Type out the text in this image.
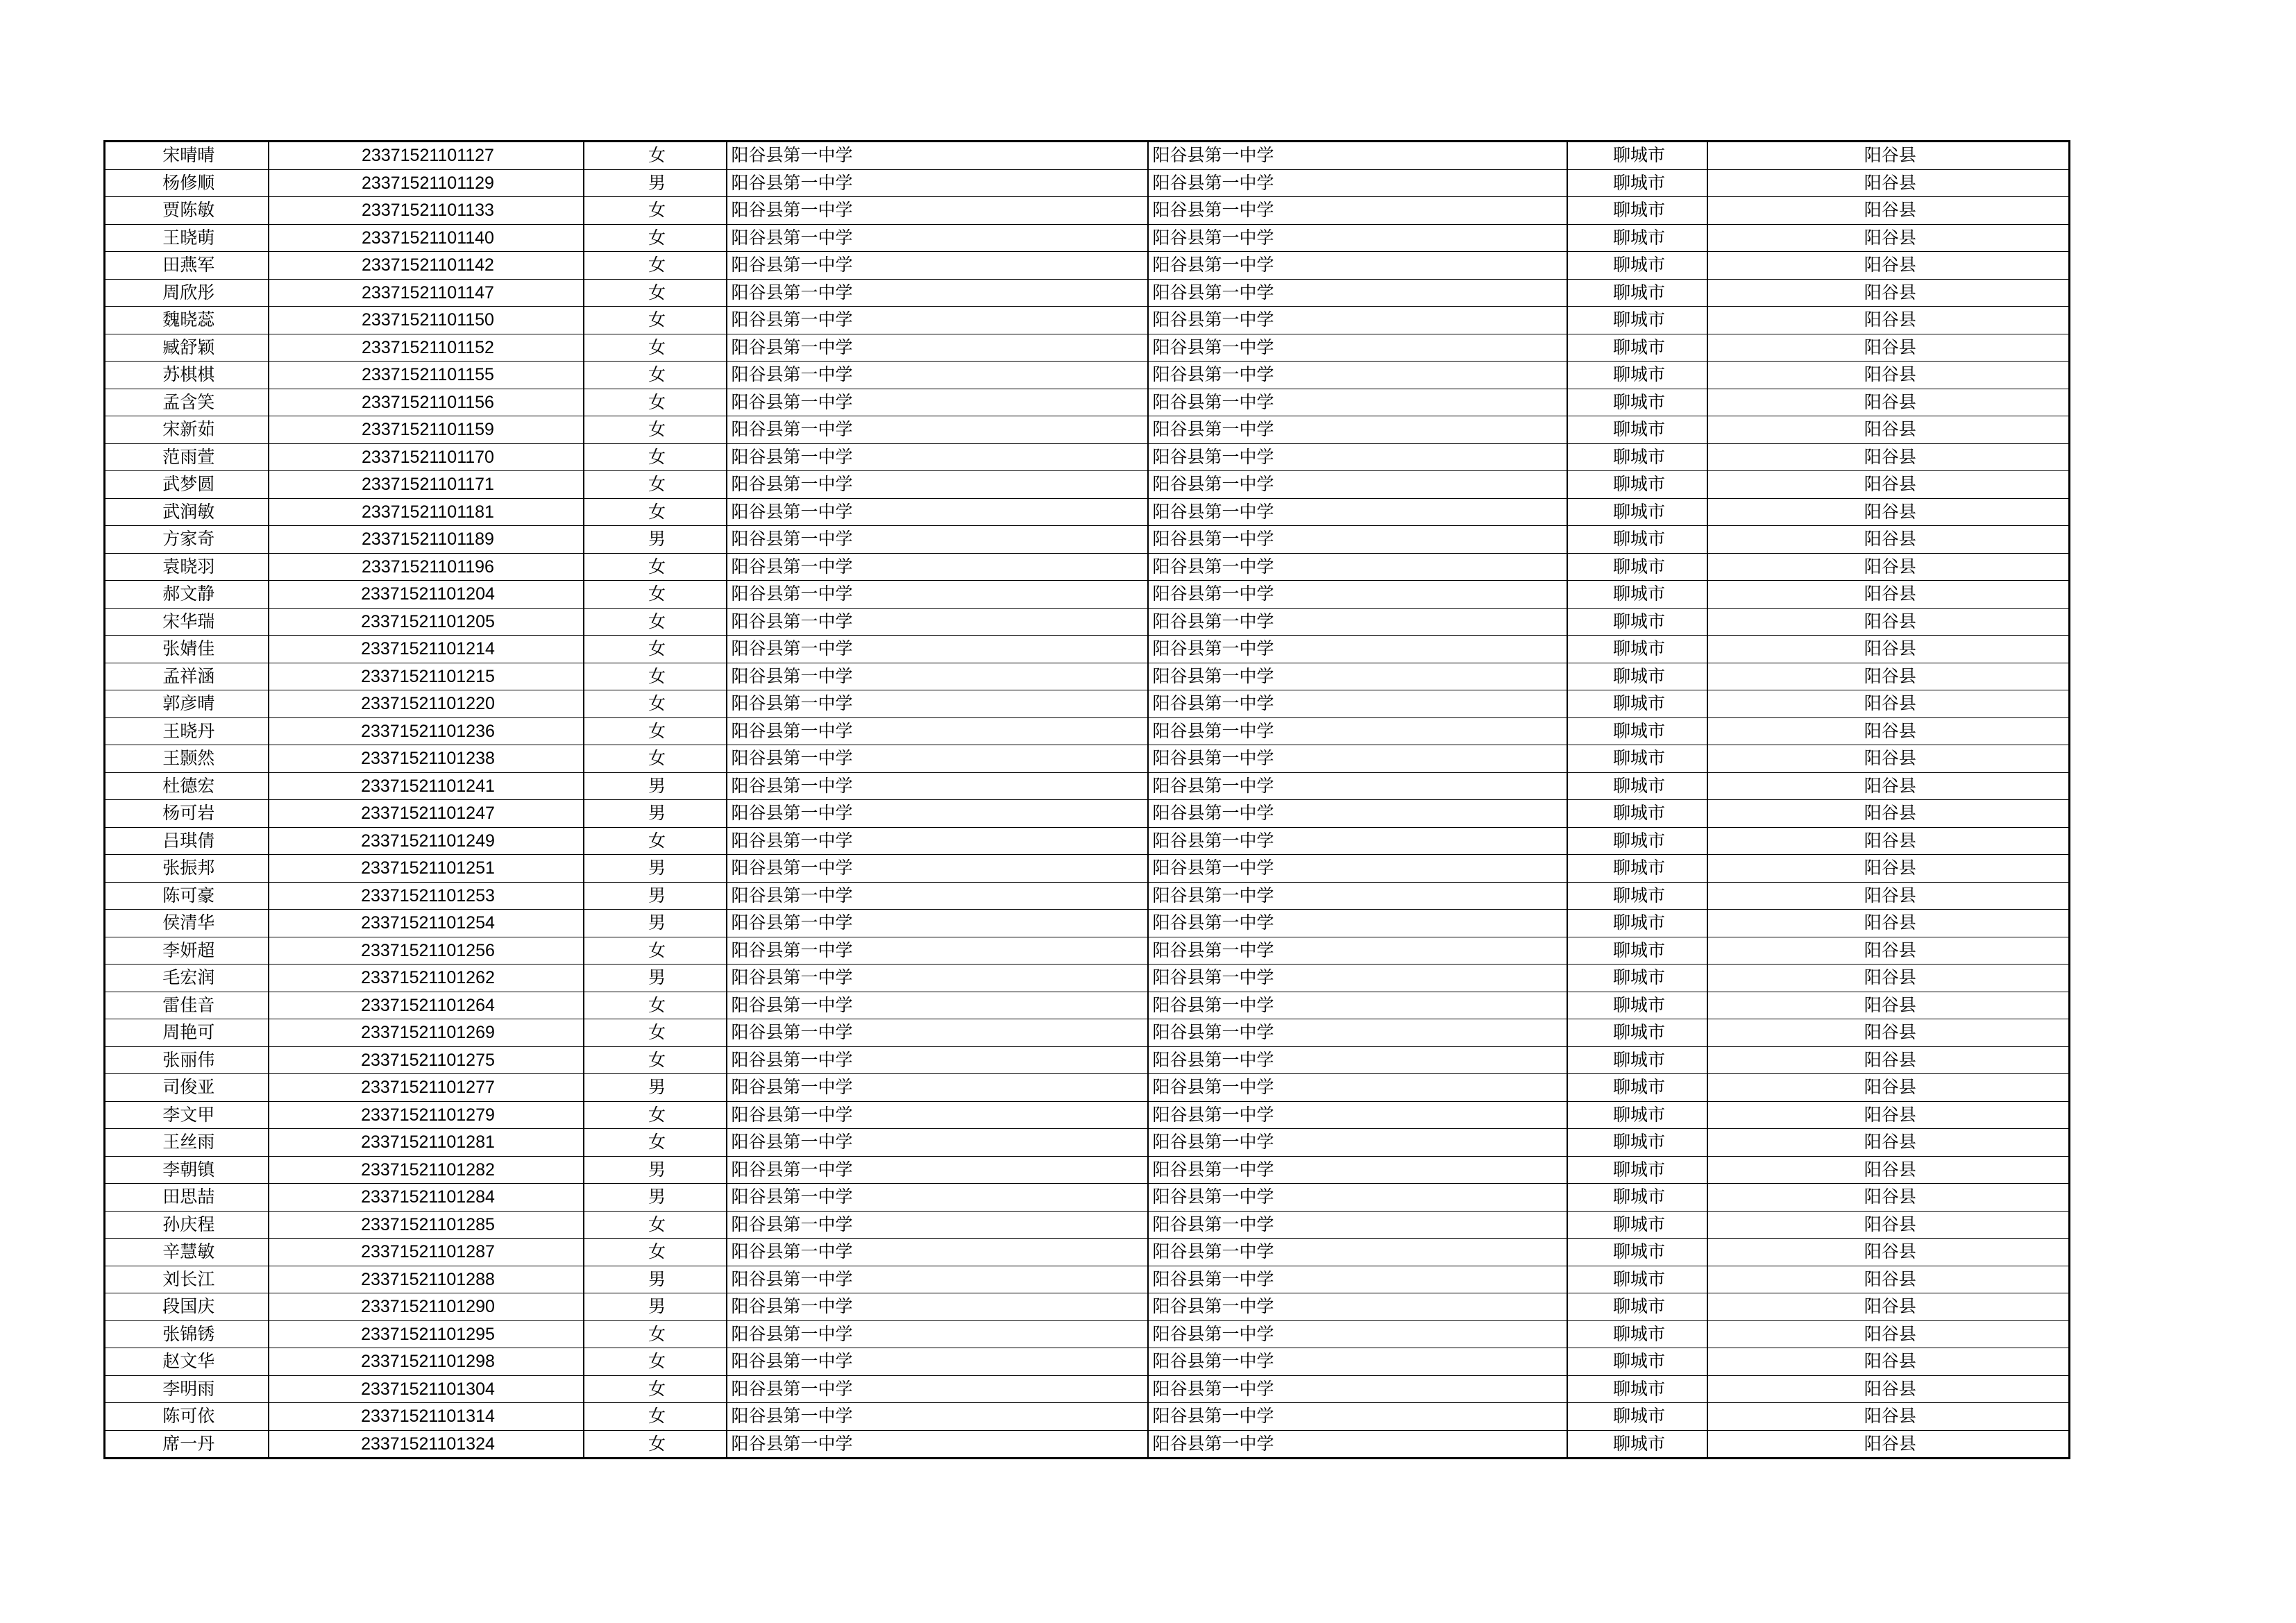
宋晴晴	23371521101127	女	阳谷县第一中学	阳谷县第一中学	聊城市	阳谷县
杨修顺	23371521101129	男	阳谷县第一中学	阳谷县第一中学	聊城市	阳谷县
贾陈敏	23371521101133	女	阳谷县第一中学	阳谷县第一中学	聊城市	阳谷县
王晓萌	23371521101140	女	阳谷县第一中学	阳谷县第一中学	聊城市	阳谷县
田燕军	23371521101142	女	阳谷县第一中学	阳谷县第一中学	聊城市	阳谷县
周欣彤	23371521101147	女	阳谷县第一中学	阳谷县第一中学	聊城市	阳谷县
魏晓蕊	23371521101150	女	阳谷县第一中学	阳谷县第一中学	聊城市	阳谷县
臧舒颖	23371521101152	女	阳谷县第一中学	阳谷县第一中学	聊城市	阳谷县
苏棋棋	23371521101155	女	阳谷县第一中学	阳谷县第一中学	聊城市	阳谷县
孟含笑	23371521101156	女	阳谷县第一中学	阳谷县第一中学	聊城市	阳谷县
宋新茹	23371521101159	女	阳谷县第一中学	阳谷县第一中学	聊城市	阳谷县
范雨萱	23371521101170	女	阳谷县第一中学	阳谷县第一中学	聊城市	阳谷县
武梦圆	23371521101171	女	阳谷县第一中学	阳谷县第一中学	聊城市	阳谷县
武润敏	23371521101181	女	阳谷县第一中学	阳谷县第一中学	聊城市	阳谷县
方家奇	23371521101189	男	阳谷县第一中学	阳谷县第一中学	聊城市	阳谷县
袁晓羽	23371521101196	女	阳谷县第一中学	阳谷县第一中学	聊城市	阳谷县
郝文静	23371521101204	女	阳谷县第一中学	阳谷县第一中学	聊城市	阳谷县
宋华瑞	23371521101205	女	阳谷县第一中学	阳谷县第一中学	聊城市	阳谷县
张婧佳	23371521101214	女	阳谷县第一中学	阳谷县第一中学	聊城市	阳谷县
孟祥涵	23371521101215	女	阳谷县第一中学	阳谷县第一中学	聊城市	阳谷县
郭彦晴	23371521101220	女	阳谷县第一中学	阳谷县第一中学	聊城市	阳谷县
王晓丹	23371521101236	女	阳谷县第一中学	阳谷县第一中学	聊城市	阳谷县
王颢然	23371521101238	女	阳谷县第一中学	阳谷县第一中学	聊城市	阳谷县
杜德宏	23371521101241	男	阳谷县第一中学	阳谷县第一中学	聊城市	阳谷县
杨可岩	23371521101247	男	阳谷县第一中学	阳谷县第一中学	聊城市	阳谷县
吕琪倩	23371521101249	女	阳谷县第一中学	阳谷县第一中学	聊城市	阳谷县
张振邦	23371521101251	男	阳谷县第一中学	阳谷县第一中学	聊城市	阳谷县
陈可豪	23371521101253	男	阳谷县第一中学	阳谷县第一中学	聊城市	阳谷县
侯清华	23371521101254	男	阳谷县第一中学	阳谷县第一中学	聊城市	阳谷县
李妍超	23371521101256	女	阳谷县第一中学	阳谷县第一中学	聊城市	阳谷县
毛宏润	23371521101262	男	阳谷县第一中学	阳谷县第一中学	聊城市	阳谷县
雷佳音	23371521101264	女	阳谷县第一中学	阳谷县第一中学	聊城市	阳谷县
周艳可	23371521101269	女	阳谷县第一中学	阳谷县第一中学	聊城市	阳谷县
张丽伟	23371521101275	女	阳谷县第一中学	阳谷县第一中学	聊城市	阳谷县
司俊亚	23371521101277	男	阳谷县第一中学	阳谷县第一中学	聊城市	阳谷县
李文甲	23371521101279	女	阳谷县第一中学	阳谷县第一中学	聊城市	阳谷县
王丝雨	23371521101281	女	阳谷县第一中学	阳谷县第一中学	聊城市	阳谷县
李朝镇	23371521101282	男	阳谷县第一中学	阳谷县第一中学	聊城市	阳谷县
田思喆	23371521101284	男	阳谷县第一中学	阳谷县第一中学	聊城市	阳谷县
孙庆程	23371521101285	女	阳谷县第一中学	阳谷县第一中学	聊城市	阳谷县
辛慧敏	23371521101287	女	阳谷县第一中学	阳谷县第一中学	聊城市	阳谷县
刘长江	23371521101288	男	阳谷县第一中学	阳谷县第一中学	聊城市	阳谷县
段国庆	23371521101290	男	阳谷县第一中学	阳谷县第一中学	聊城市	阳谷县
张锦锈	23371521101295	女	阳谷县第一中学	阳谷县第一中学	聊城市	阳谷县
赵文华	23371521101298	女	阳谷县第一中学	阳谷县第一中学	聊城市	阳谷县
李明雨	23371521101304	女	阳谷县第一中学	阳谷县第一中学	聊城市	阳谷县
陈可依	23371521101314	女	阳谷县第一中学	阳谷县第一中学	聊城市	阳谷县
席一丹	23371521101324	女	阳谷县第一中学	阳谷县第一中学	聊城市	阳谷县
